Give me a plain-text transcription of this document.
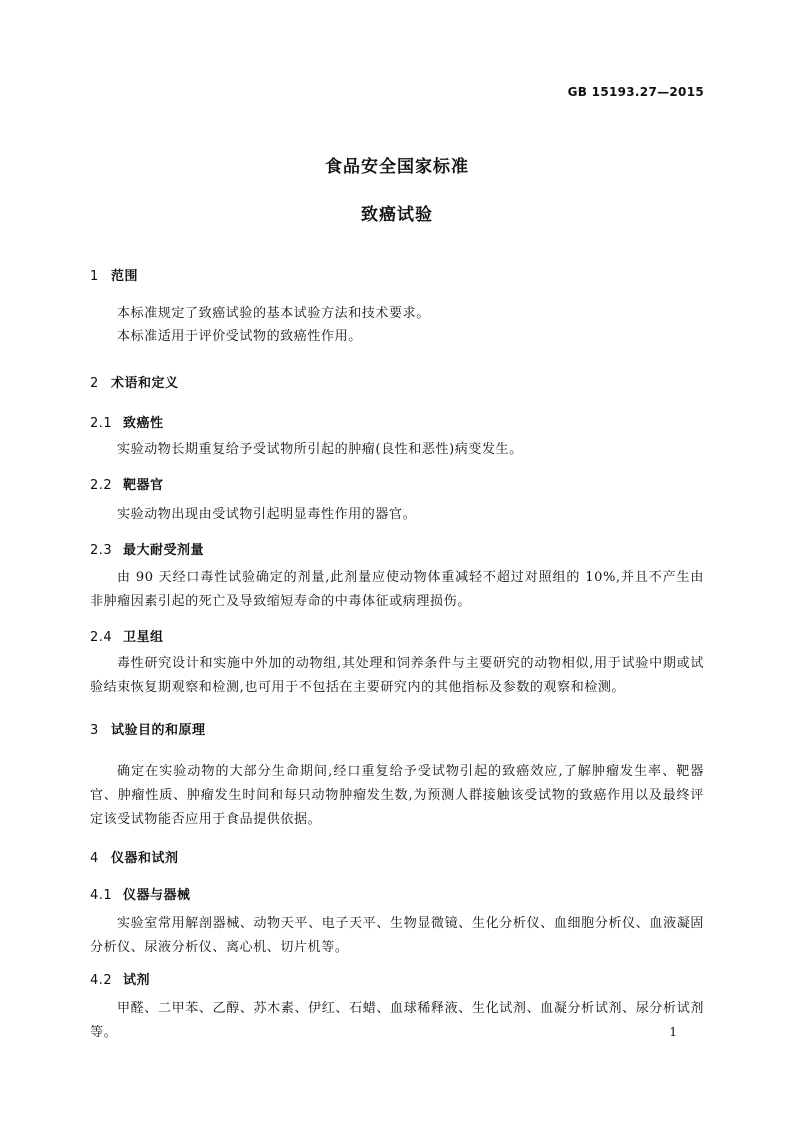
GB 15193.27—2015
食品安全国家标准
致癌试验
1 范围
本标准规定了致癌试验的基本试验方法和技术要求。
本标准适用于评价受试物的致癌性作用。
2 术语和定义
2.1 致癌性
实验动物长期重复给予受试物所引起的肿瘤(良性和恶性)病变发生。
2.2 靶器官
实验动物出现由受试物引起明显毒性作用的器官。
2.3 最大耐受剂量
由 90 天经口毒性试验确定的剂量,此剂量应使动物体重减轻不超过对照组的 10%,并且不产生由非肿瘤因素引起的死亡及导致缩短寿命的中毒体征或病理损伤。
2.4 卫星组
毒性研究设计和实施中外加的动物组,其处理和饲养条件与主要研究的动物相似,用于试验中期或试验结束恢复期观察和检测,也可用于不包括在主要研究内的其他指标及参数的观察和检测。
3 试验目的和原理
确定在实验动物的大部分生命期间,经口重复给予受试物引起的致癌效应,了解肿瘤发生率、靶器官、肿瘤性质、肿瘤发生时间和每只动物肿瘤发生数,为预测人群接触该受试物的致癌作用以及最终评定该受试物能否应用于食品提供依据。
4 仪器和试剂
4.1 仪器与器械
实验室常用解剖器械、动物天平、电子天平、生物显微镜、生化分析仪、血细胞分析仪、血液凝固分析仪、尿液分析仪、离心机、切片机等。
4.2 试剂
甲醛、二甲苯、乙醇、苏木素、伊红、石蜡、血球稀释液、生化试剂、血凝分析试剂、尿分析试剂等。	1
